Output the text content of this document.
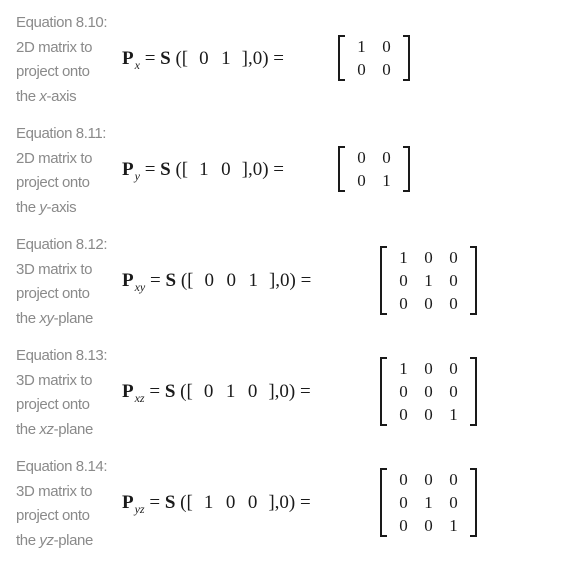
Equation 8.10:
2D matrix to
project onto
the x-axis
$P_x = S$ ([ 0 1 ],0) =
1 0
0 0
Equation 8.11:
2D matrix to
project onto
the y-axis
$P_y = S$ ([ 1 0 ],0) =
0 0
0 1
Equation 8.12:
3D matrix to
project onto
the xy-plane
$P_{xy} = S$ ([ 0 0 1 ],0) =
1 0 0
0 1 0
0 0 0
Equation 8.13:
3D matrix to
project onto
the xz-plane
$P_{xz} = S$ ([ 0 1 0 ],0) =
1 0 0
0 0 0
0 0 1
Equation 8.14:
3D matrix to
project onto
the yz-plane
$P_{yz} = S$ ([ 1 0 0 ],0) =
0 0 0
0 1 0
0 0 1
